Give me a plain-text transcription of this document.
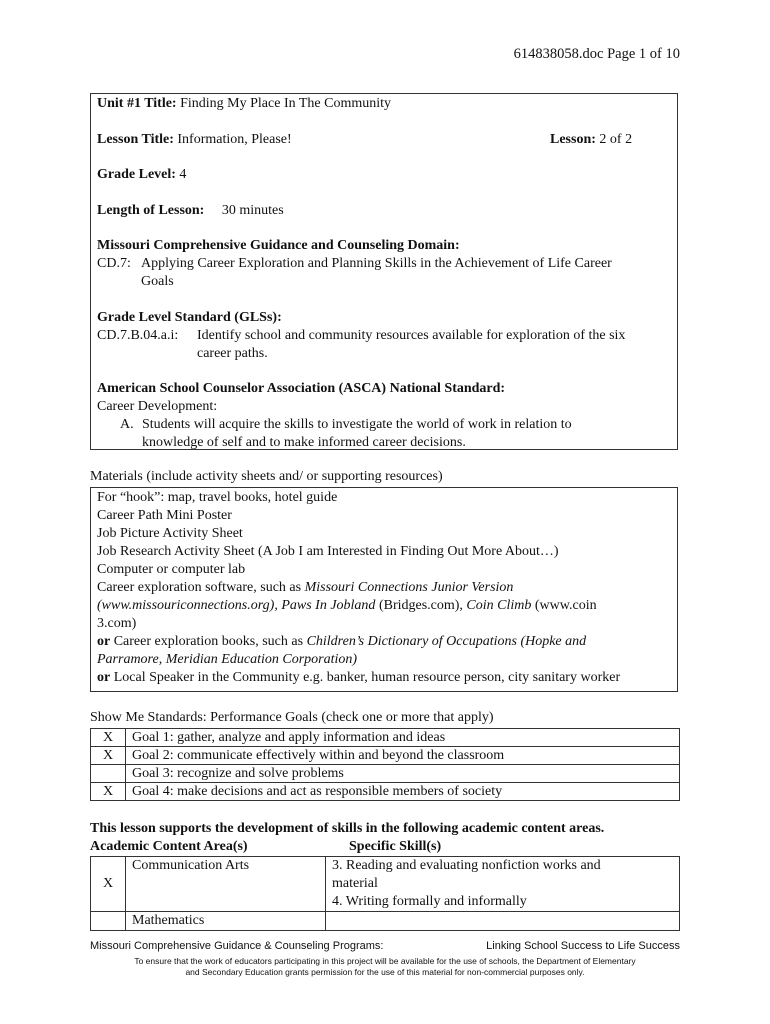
614838058.doc Page 1 of 10
Unit #1 Title: Finding My Place In The Community
Lesson Title: Information, Please!	Lesson: 2 of 2
Grade Level: 4
Length of Lesson: 30 minutes
Missouri Comprehensive Guidance and Counseling Domain:
CD.7: Applying Career Exploration and Planning Skills in the Achievement of Life Career
Goals
Grade Level Standard (GLSs):
CD.7.B.04.a.i: Identify school and community resources available for exploration of the six
career paths.
American School Counselor Association (ASCA) National Standard:
Career Development:
A. Students will acquire the skills to investigate the world of work in relation to
knowledge of self and to make informed career decisions.
Materials (include activity sheets and/ or supporting resources)
For “hook”: map, travel books, hotel guide
Career Path Mini Poster
Job Picture Activity Sheet
Job Research Activity Sheet (A Job I am Interested in Finding Out More About…)
Computer or computer lab
Career exploration software, such as Missouri Connections Junior Version
(www.missouriconnections.org), Paws In Jobland (Bridges.com), Coin Climb (www.coin
3.com)
or Career exploration books, such as Children’s Dictionary of Occupations (Hopke and
Parramore, Meridian Education Corporation)
or Local Speaker in the Community e.g. banker, human resource person, city sanitary worker
Show Me Standards: Performance Goals (check one or more that apply)
X	Goal 1: gather, analyze and apply information and ideas
X	Goal 2: communicate effectively within and beyond the classroom
	Goal 3: recognize and solve problems
X	Goal 4: make decisions and act as responsible members of society
This lesson supports the development of skills in the following academic content areas.
Academic Content Area(s)	Specific Skill(s)
X	Communication Arts	3. Reading and evaluating nonfiction works and
material
4. Writing formally and informally

	Mathematics	
Missouri Comprehensive Guidance & Counseling Programs:	Linking School Success to Life Success
To ensure that the work of educators participating in this project will be available for the use of schools, the Department of Elementary
and Secondary Education grants permission for the use of this material for non-commercial purposes only.
